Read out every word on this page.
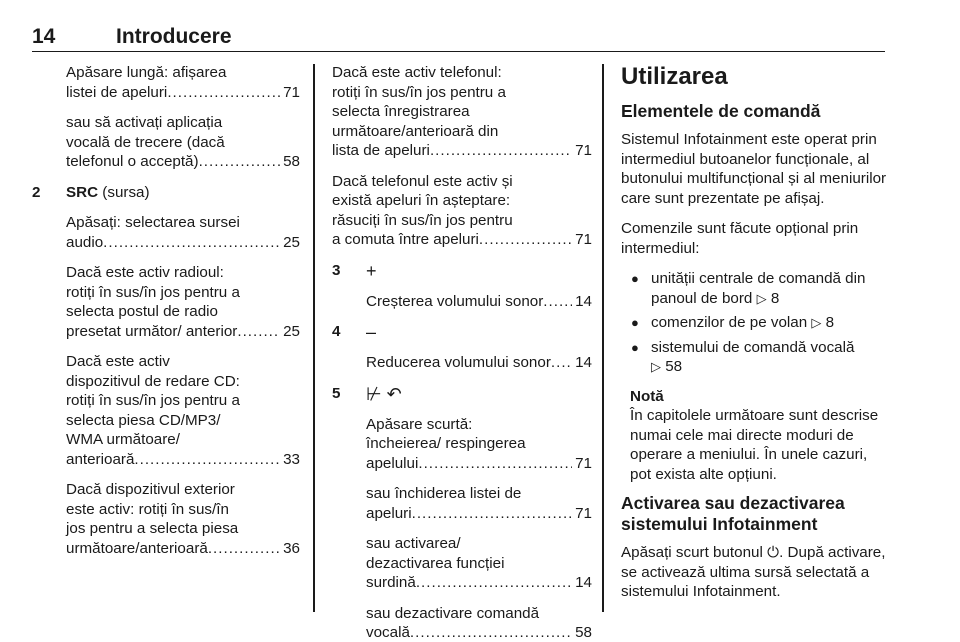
14	Introducere
Apăsare lungă: afișarea
listei de apeluri .....	71
sau să activați aplicația
vocală de trecere (dacă
telefonul o acceptă) .....	58
2 SRC (sursa)
Apăsați: selectarea sursei
audio .....	25
Dacă este activ radioul:
rotiți în sus/în jos pentru a
selecta postul de radio
presetat următor/ anterior .....	25
Dacă este activ
dispozitivul de redare CD:
rotiți în sus/în jos pentru a
selecta piesa CD/MP3/
WMA următoare/
anterioară .....	33
Dacă dispozitivul exterior
este activ: rotiți în sus/în
jos pentru a selecta piesa
următoare/anterioară .....	36
Dacă este activ telefonul:
rotiți în sus/în jos pentru a
selecta înregistrarea
următoare/anterioară din
lista de apeluri .....	71
Dacă telefonul este activ și
există apeluri în așteptare:
răsuciți în sus/în jos pentru
a comuta între apeluri .....	71
3 +
Creșterea volumului sonor ..... 14
4 –
Reducerea volumului sonor ..... 14
5 ⊬ ↶
Apăsare scurtă:
încheierea/ respingerea
apelului .....	71
sau închiderea listei de
apeluri .....	71
sau activarea/
dezactivarea funcției
surdină .....	14
sau dezactivare comandă
vocală .....	58
Utilizarea
Elementele de comandă

Sistemul Infotainment este operat prin intermediul butoanelor funcționale, al butonului multifuncțional și al meniurilor care sunt prezentate pe afișaj.

Comenzile sunt făcute opțional prin intermediul:

● unității centrale de comandă din panoul de bord ▷ 8
● comenzilor de pe volan ▷ 8
● sistemului de comandă vocală
▷ 58
Notă
În capitolele următoare sunt descrise numai cele mai directe moduri de operare a meniului. În unele cazuri, pot exista alte opțiuni.
Activarea sau dezactivarea sistemului Infotainment

Apăsați scurt butonul ⏻. După activare, se activează ultima sursă selectată a sistemului Infotainment.
